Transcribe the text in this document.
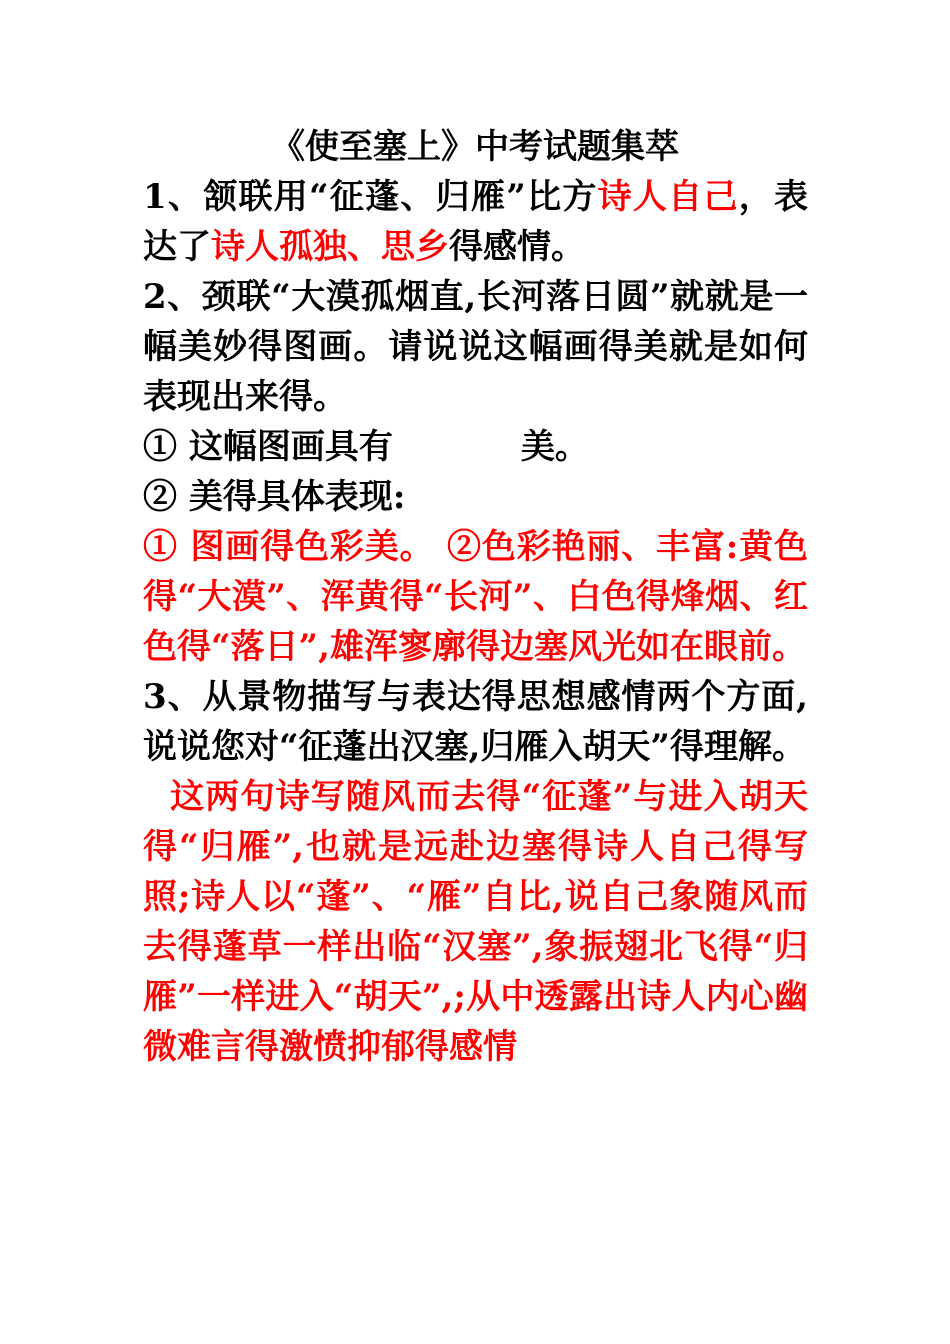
《使至塞上》中考试题集萃

1、颔联用“征蓬、归雁”比方诗人自己，表达了诗人孤独、思乡得感情。

2、颈联“大漠孤烟直,长河落日圆”就就是一幅美妙得图画。请说说这幅画得美就是如何表现出来得。

① 这幅图画具有	美。

② 美得具体表现:

① 图画得色彩美。 ②色彩艳丽、丰富:黄色得“大漠”、浑黄得“长河”、白色得烽烟、红色得“落日”,雄浑寥廓得边塞风光如在眼前。

3、从景物描写与表达得思想感情两个方面,说说您对“征蓬出汉塞,归雁入胡天”得理解。

这两句诗写随风而去得“征蓬”与进入胡天得“归雁”,也就是远赴边塞得诗人自己得写照;诗人以“蓬”、“雁”自比,说自己象随风而去得蓬草一样出临“汉塞”,象振翅北飞得“归雁”一样进入“胡天”,;从中透露出诗人内心幽微难言得激愤抑郁得感情
